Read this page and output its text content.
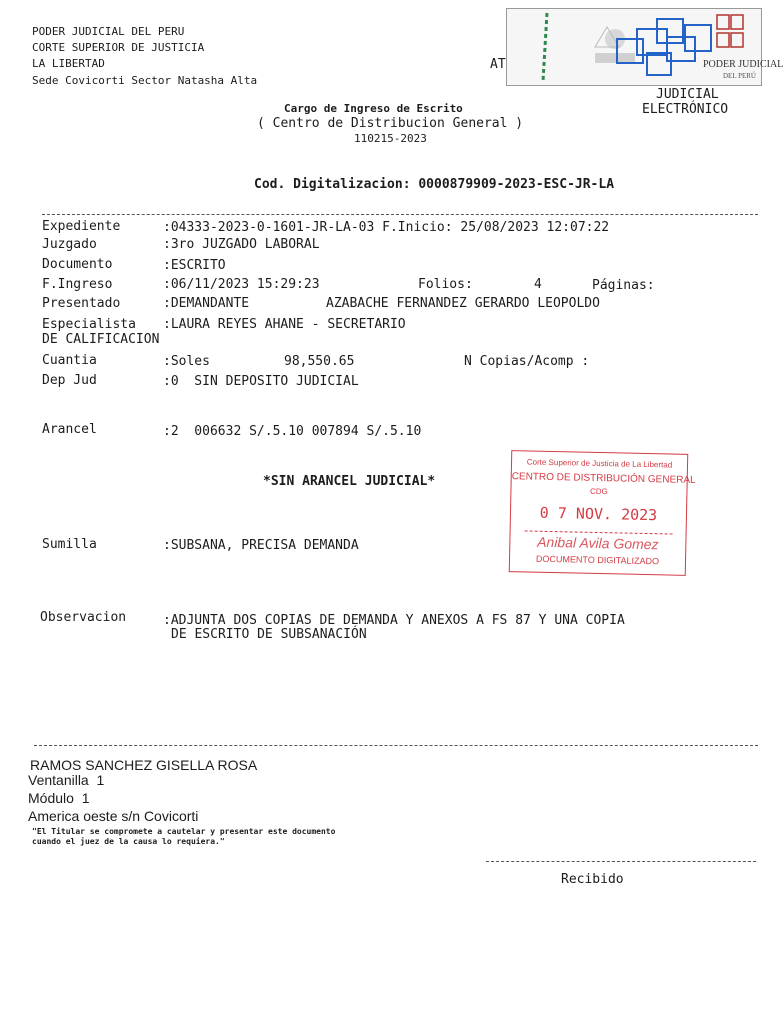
PODER JUDICIAL DEL PERU
CORTE SUPERIOR DE JUSTICIA
LA LIBERTAD
Sede Covicorti Sector Natasha Alta
AT	PODER JUDICIAL
DEL PERÚ
JUDICIAL
ELECTRÓNICO
Cargo de Ingreso de Escrito
( Centro de Distribucion General )
110215-2023
Cod. Digitalizacion: 0000879909-2023-ESC-JR-LA
Expediente	:04333-2023-0-1601-JR-LA-03 F.Inicio: 25/08/2023 12:07:22
Juzgado	:3ro JUZGADO LABORAL
Documento	:ESCRITO
F.Ingreso	:06/11/2023 15:29:23	Folios:	4	Páginas:
Presentado	:DEMANDANTE	AZABACHE FERNANDEZ GERARDO LEOPOLDO
Especialista :LAURA REYES AHANE - SECRETARIO
DE CALIFICACION
Cuantia	:Soles	98,550.65	N Copias/Acomp :
Dep Jud	:0  SIN DEPOSITO JUDICIAL
Arancel	:2  006632 S/.5.10 007894 S/.5.10
*SIN ARANCEL JUDICIAL*
Sumilla	:SUBSANA, PRECISA DEMANDA
Observacion	:ADJUNTA DOS COPIAS DE DEMANDA Y ANEXOS A FS 87 Y UNA COPIA
DE ESCRITO DE SUBSANACIÓN
Corte Superior de Justicia de La Libertad
CENTRO DE DISTRIBUCIÓN GENERAL
CDG
0 7 NOV. 2023
Anibal Avila Gomez
DOCUMENTO DIGITALIZADO
RAMOS SANCHEZ GISELLA ROSA
Ventanilla  1
Módulo  1
America oeste s/n Covicorti
"El Titular se compromete a cautelar y presentar este documento
cuando el juez de la causa lo requiera."
Recibido
